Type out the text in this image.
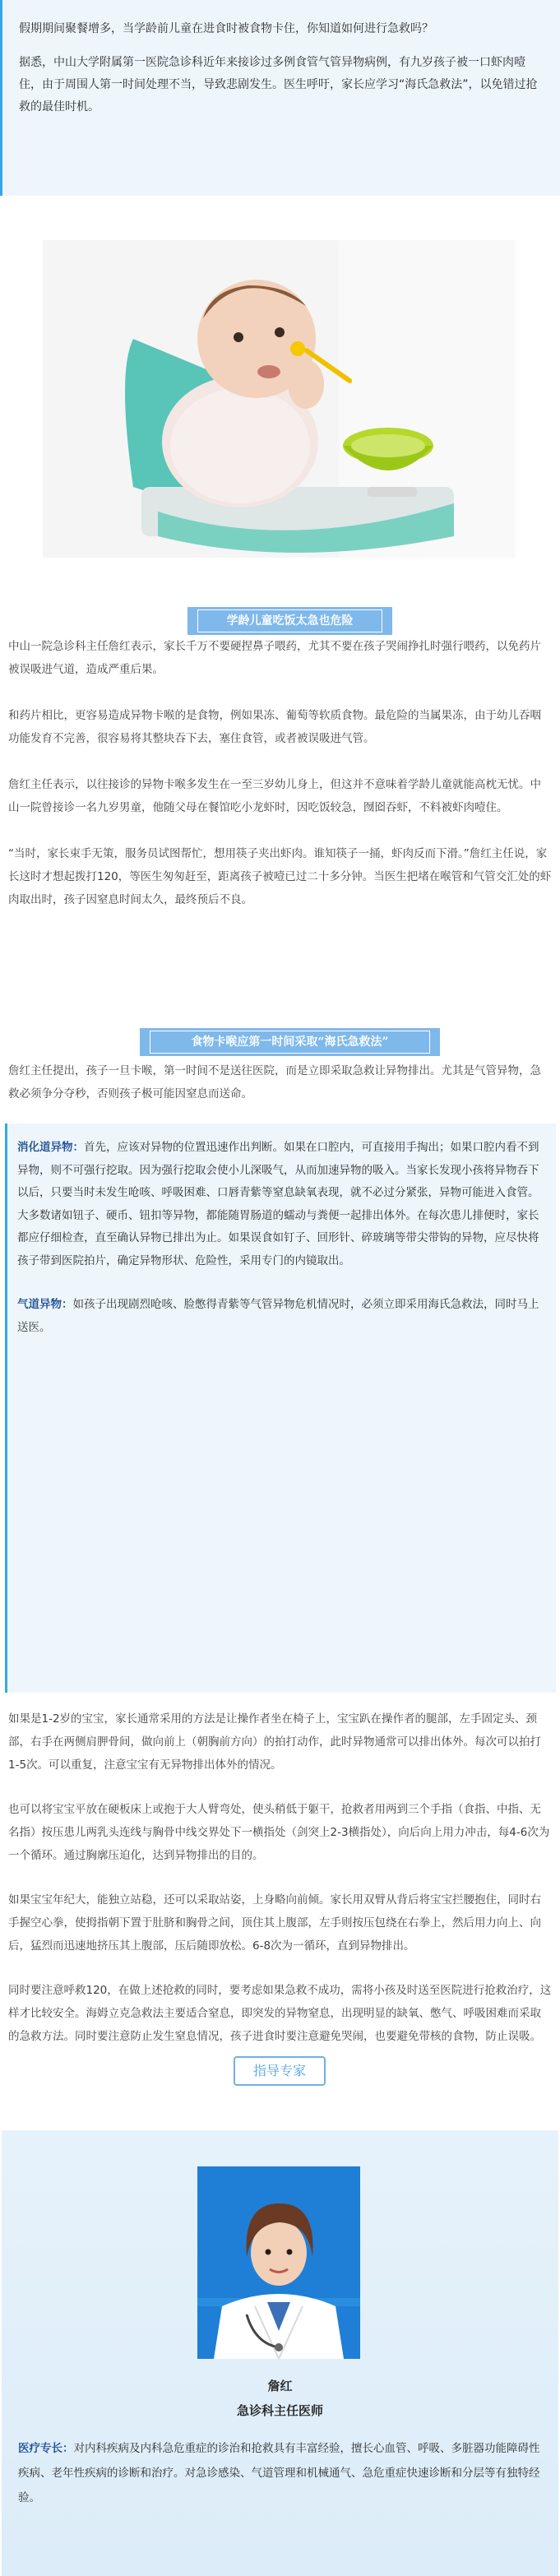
假期期间聚餐增多，当学龄前儿童在进食时被食物卡住，你知道如何进行急救吗？

据悉，中山大学附属第一医院急诊科近年来接诊过多例食管气管异物病例，有九岁孩子被一口虾肉噎住，由于周围人第一时间处理不当，导致悲剧发生。医生呼吁，家长应学习“海氏急救法”，以免错过抢救的最佳时机。

学龄儿童吃饭太急也危险

中山一院急诊科主任詹红表示，家长千万不要硬捏鼻子喂药，尤其不要在孩子哭闹挣扎时强行喂药，以免药片被误吸进气道，造成严重后果。

和药片相比，更容易造成异物卡喉的是食物，例如果冻、葡萄等软质食物。最危险的当属果冻，由于幼儿吞咽功能发育不完善，很容易将其整块吞下去，塞住食管，或者被误吸进气管。

詹红主任表示，以往接诊的异物卡喉多发生在一至三岁幼儿身上，但这并不意味着学龄儿童就能高枕无忧。中山一院曾接诊一名九岁男童，他随父母在餐馆吃小龙虾时，因吃饭较急，囫囵吞虾，不料被虾肉噎住。

“当时，家长束手无策，服务员试图帮忙，想用筷子夹出虾肉。谁知筷子一捅，虾肉反而下滑。”詹红主任说，家长这时才想起拨打120，等医生匆匆赶至，距离孩子被噎已过二十多分钟。当医生把堵在喉管和气管交汇处的虾肉取出时，孩子因窒息时间太久，最终预后不良。

食物卡喉应第一时间采取“海氏急救法”

詹红主任提出，孩子一旦卡喉，第一时间不是送往医院，而是立即采取急救让异物排出。尤其是气管异物，急救必须争分夺秒，否则孩子极可能因窒息而送命。

消化道异物：首先，应该对异物的位置迅速作出判断。如果在口腔内，可直接用手掏出；如果口腔内看不到异物，则不可强行挖取。因为强行挖取会使小儿深吸气，从而加速异物的吸入。当家长发现小孩将异物吞下以后，只要当时未发生呛咳、呼吸困难、口唇青紫等窒息缺氧表现，就不必过分紧张，异物可能进入食管。大多数诸如钮子、硬币、钮扣等异物，都能随胃肠道的蠕动与粪便一起排出体外。在每次患儿排便时，家长都应仔细检查，直至确认异物已排出为止。如果误食如钉子、回形针、碎玻璃等带尖带钩的异物，应尽快将孩子带到医院拍片，确定异物形状、危险性，采用专门的内镜取出。

气道异物：如孩子出现剧烈呛咳、脸憋得青紫等气管异物危机情况时，必须立即采用海氏急救法，同时马上送医。

如果是1-2岁的宝宝，家长通常采用的方法是让操作者坐在椅子上，宝宝趴在操作者的腿部，左手固定头、颈部，右手在两侧肩胛骨间，做向前上（朝胸前方向）的拍打动作，此时异物通常可以排出体外。每次可以拍打1-5次。可以重复，注意宝宝有无异物排出体外的情况。

也可以将宝宝平放在硬板床上或抱于大人臂弯处，使头稍低于躯干，抢救者用两到三个手指（食指、中指、无名指）按压患儿两乳头连线与胸骨中线交界处下一横指处（剑突上2-3横指处），向后向上用力冲击，每4-6次为一个循环。通过胸廓压迫化，达到异物排出的目的。

如果宝宝年纪大，能独立站稳，还可以采取站姿，上身略向前倾。家长用双臂从背后将宝宝拦腰抱住，同时右手握空心拳，使拇指朝下置于肚脐和胸骨之间，顶住其上腹部，左手则按压包绕在右拳上，然后用力向上、向后，猛烈而迅速地挤压其上腹部，压后随即放松。6-8次为一循环，直到异物排出。

同时要注意呼救120，在做上述抢救的同时，要考虑如果急救不成功，需将小孩及时送至医院进行抢救治疗，这样才比较安全。海姆立克急救法主要适合窒息，即突发的异物窒息，出现明显的缺氧、憋气、呼吸困难而采取的急救方法。同时要注意防止发生窒息情况，孩子进食时要注意避免哭闹，也要避免带核的食物，防止误吸。

指导专家
詹红
急诊科主任医师
医疗专长：对内科疾病及内科急危重症的诊治和抢救具有丰富经验，擅长心血管、呼吸、多脏器功能障碍性疾病、老年性疾病的诊断和治疗。对急诊感染、气道管理和机械通气、急危重症快速诊断和分层等有独特经验。
